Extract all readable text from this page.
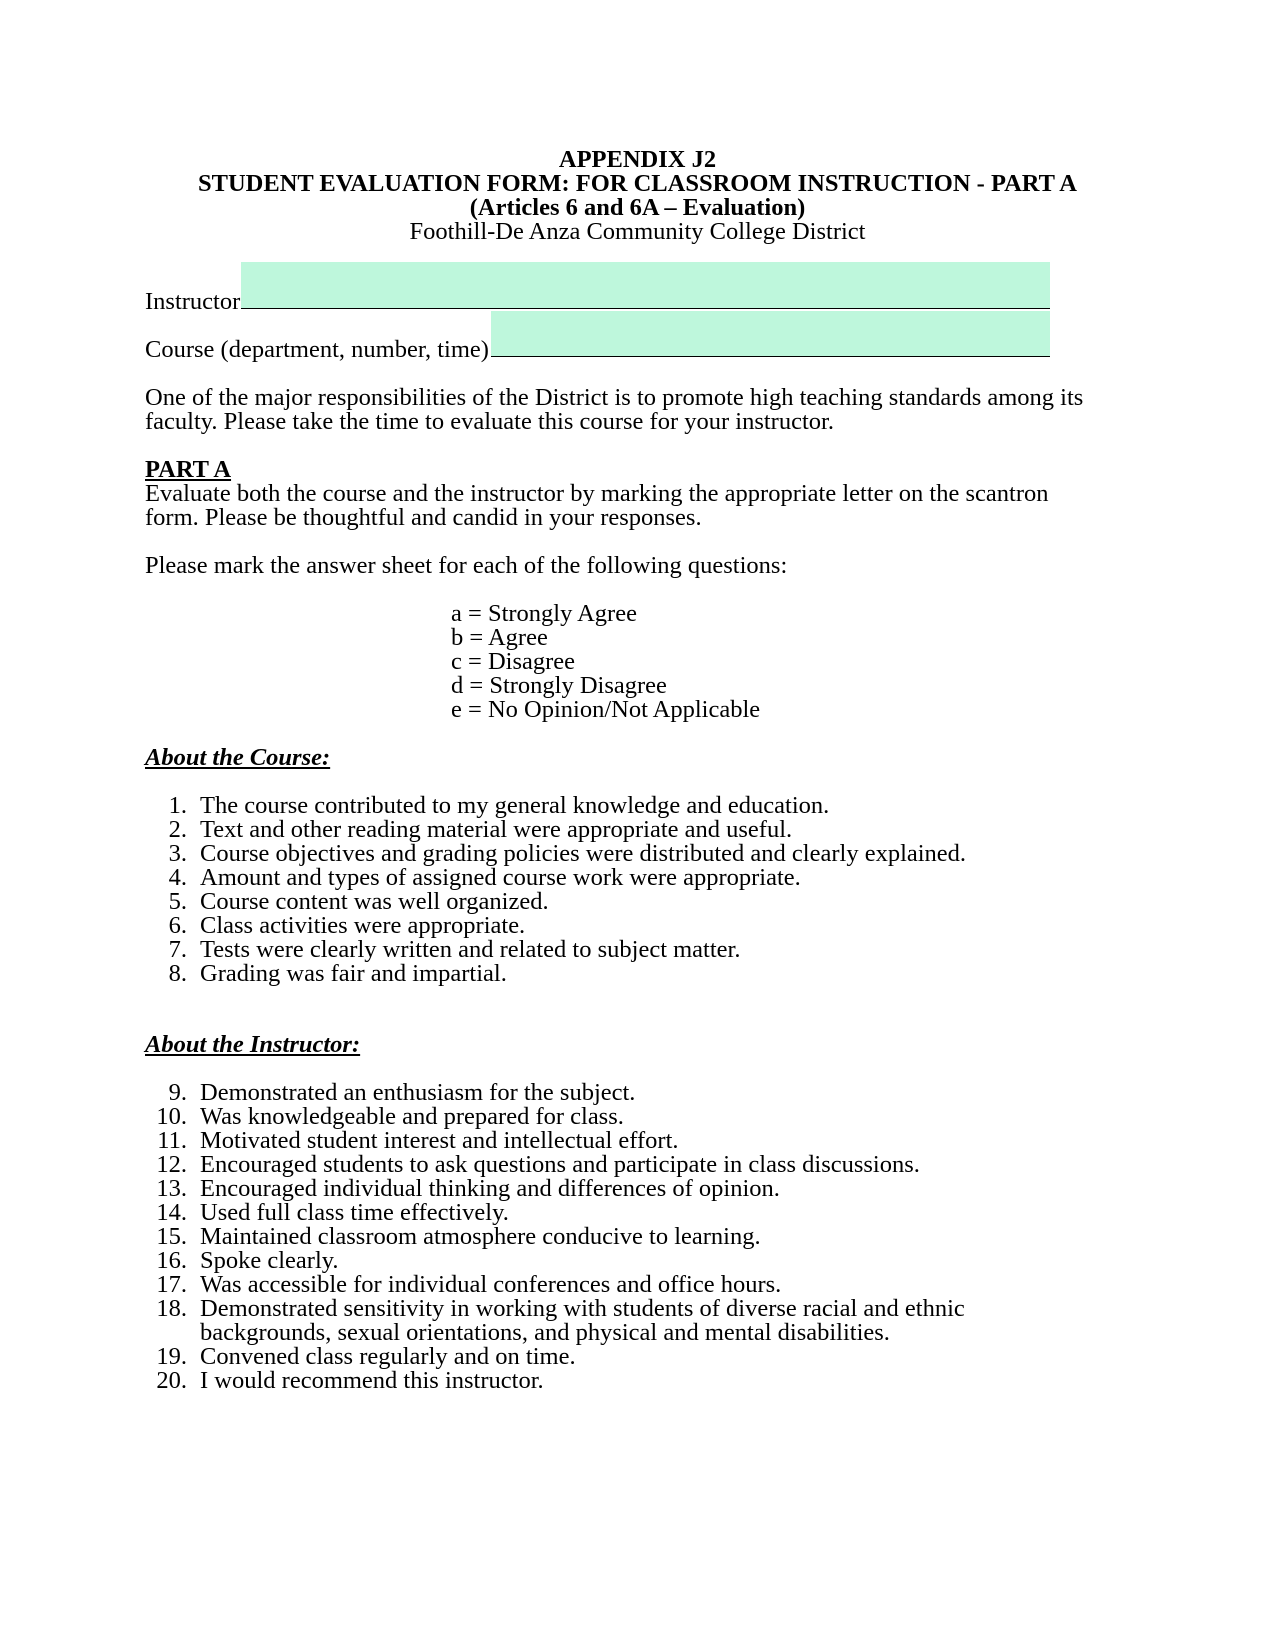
APPENDIX J2
STUDENT EVALUATION FORM: FOR CLASSROOM INSTRUCTION - PART A
(Articles 6 and 6A – Evaluation)
Foothill-De Anza Community College District
Instructor
Course (department, number, time)
One of the major responsibilities of the District is to promote high teaching standards among its
faculty. Please take the time to evaluate this course for your instructor.
PART A
Evaluate both the course and the instructor by marking the appropriate letter on the scantron
form. Please be thoughtful and candid in your responses.
Please mark the answer sheet for each of the following questions:
a = Strongly Agree
b = Agree
c = Disagree
d = Strongly Disagree
e = No Opinion/Not Applicable
About the Course:
1. The course contributed to my general knowledge and education.
2. Text and other reading material were appropriate and useful.
3. Course objectives and grading policies were distributed and clearly explained.
4. Amount and types of assigned course work were appropriate.
5. Course content was well organized.
6. Class activities were appropriate.
7. Tests were clearly written and related to subject matter.
8. Grading was fair and impartial.
About the Instructor:
9. Demonstrated an enthusiasm for the subject.
10. Was knowledgeable and prepared for class.
11. Motivated student interest and intellectual effort.
12. Encouraged students to ask questions and participate in class discussions.
13. Encouraged individual thinking and differences of opinion.
14. Used full class time effectively.
15. Maintained classroom atmosphere conducive to learning.
16. Spoke clearly.
17. Was accessible for individual conferences and office hours.
18. Demonstrated sensitivity in working with students of diverse racial and ethnic
backgrounds, sexual orientations, and physical and mental disabilities.
19. Convened class regularly and on time.
20. I would recommend this instructor.
